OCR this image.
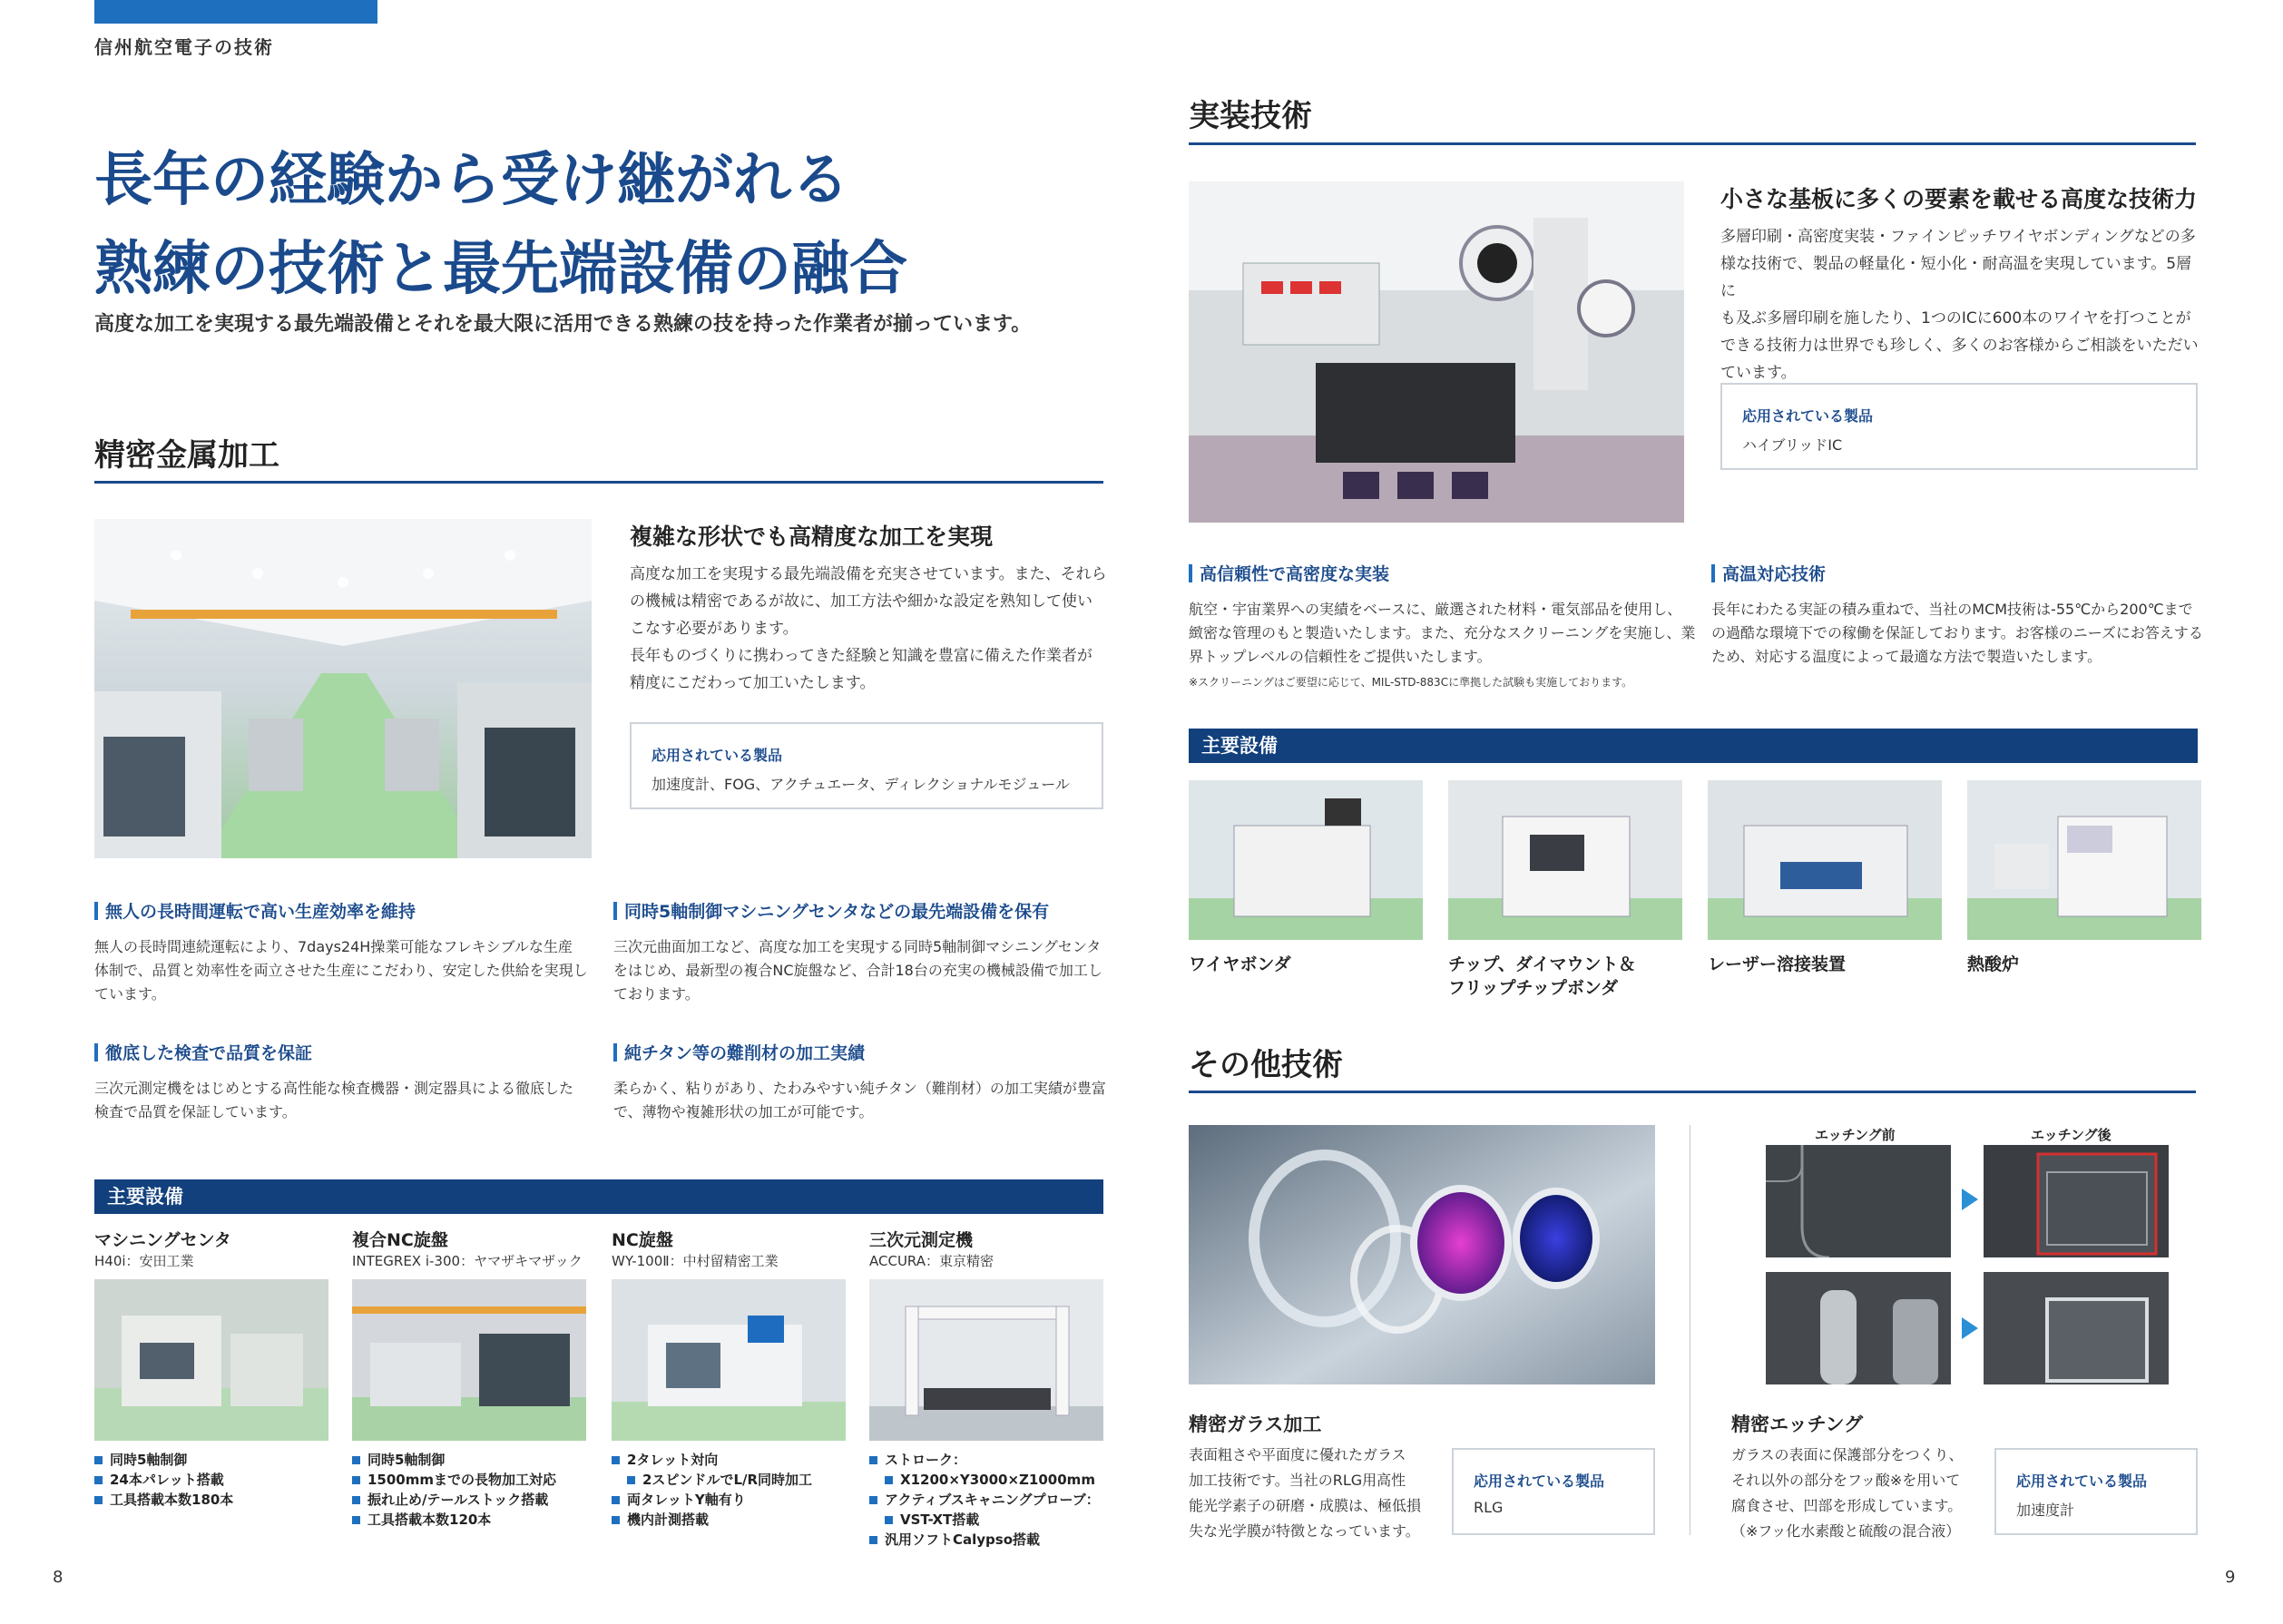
信州航空電子の技術
長年の経験から受け継がれる
熟練の技術と最先端設備の融合
高度な加工を実現する最先端設備とそれを最大限に活用できる熟練の技を持った作業者が揃っています。
精密金属加工
複雑な形状でも高精度な加工を実現
高度な加工を実現する最先端設備を充実させています。また、それら
の機械は精密であるが故に、加工方法や細かな設定を熟知して使い
こなす必要があります。
長年ものづくりに携わってきた経験と知識を豊富に備えた作業者が
精度にこだわって加工いたします。
応用されている製品
加速度計、FOG、アクチュエータ、ディレクショナルモジュール
無人の長時間運転で高い生産効率を維持
無人の長時間連続運転により、7days24H操業可能なフレキシブルな生産
体制で、品質と効率性を両立させた生産にこだわり、安定した供給を実現し
ています。
同時5軸制御マシニングセンタなどの最先端設備を保有
三次元曲面加工など、高度な加工を実現する同時5軸制御マシニングセンタ
をはじめ、最新型の複合NC旋盤など、合計18台の充実の機械設備で加工し
ております。
徹底した検査で品質を保証
三次元測定機をはじめとする高性能な検査機器・測定器具による徹底した
検査で品質を保証しています。
純チタン等の難削材の加工実績
柔らかく、粘りがあり、たわみやすい純チタン（難削材）の加工実績が豊富
で、薄物や複雑形状の加工が可能です。
主要設備
マシニングセンタ
H40i：安田工業
同時5軸制御
24本パレット搭載
工具搭載本数180本
複合NC旋盤
INTEGREX i-300：ヤマザキマザック
同時5軸制御
1500mmまでの長物加工対応
振れ止め/テールストック搭載
工具搭載本数120本
NC旋盤
WY-100Ⅱ：中村留精密工業
2タレット対向
2スピンドルでL/R同時加工
両タレットY軸有り
機内計測搭載
三次元測定機
ACCURA：東京精密
ストローク：
X1200×Y3000×Z1000mm
アクティブスキャニングプローブ：
VST-XT搭載
汎用ソフトCalypso搭載
8
実装技術
小さな基板に多くの要素を載せる高度な技術力
多層印刷・高密度実装・ファインピッチワイヤボンディングなどの多
様な技術で、製品の軽量化・短小化・耐高温を実現しています。5層に
も及ぶ多層印刷を施したり、1つのICに600本のワイヤを打つことが
できる技術力は世界でも珍しく、多くのお客様からご相談をいただい
ています。
応用されている製品
ハイブリッドIC
高信頼性で高密度な実装
航空・宇宙業界への実績をベースに、厳選された材料・電気部品を使用し、
緻密な管理のもと製造いたします。また、充分なスクリーニングを実施し、業
界トップレベルの信頼性をご提供いたします。
※スクリーニングはご要望に応じて、MIL-STD-883Cに準拠した試験も実施しております。
高温対応技術
長年にわたる実証の積み重ねで、当社のMCM技術は-55℃から200℃まで
の過酷な環境下での稼働を保証しております。お客様のニーズにお答えする
ため、対応する温度によって最適な方法で製造いたします。
主要設備
ワイヤボンダ	チップ、ダイマウント＆
フリップチップボンダ
レーザー溶接装置	熱酸炉
その他技術
精密ガラス加工
表面粗さや平面度に優れたガラス
加工技術です。当社のRLG用高性
能光学素子の研磨・成膜は、極低損
失な光学膜が特徴となっています。
応用されている製品
RLG
エッチング前	エッチング後
精密エッチング
ガラスの表面に保護部分をつくり、
それ以外の部分をフッ酸※を用いて
腐食させ、凹部を形成しています。
（※フッ化水素酸と硫酸の混合液）
応用されている製品
加速度計
9
